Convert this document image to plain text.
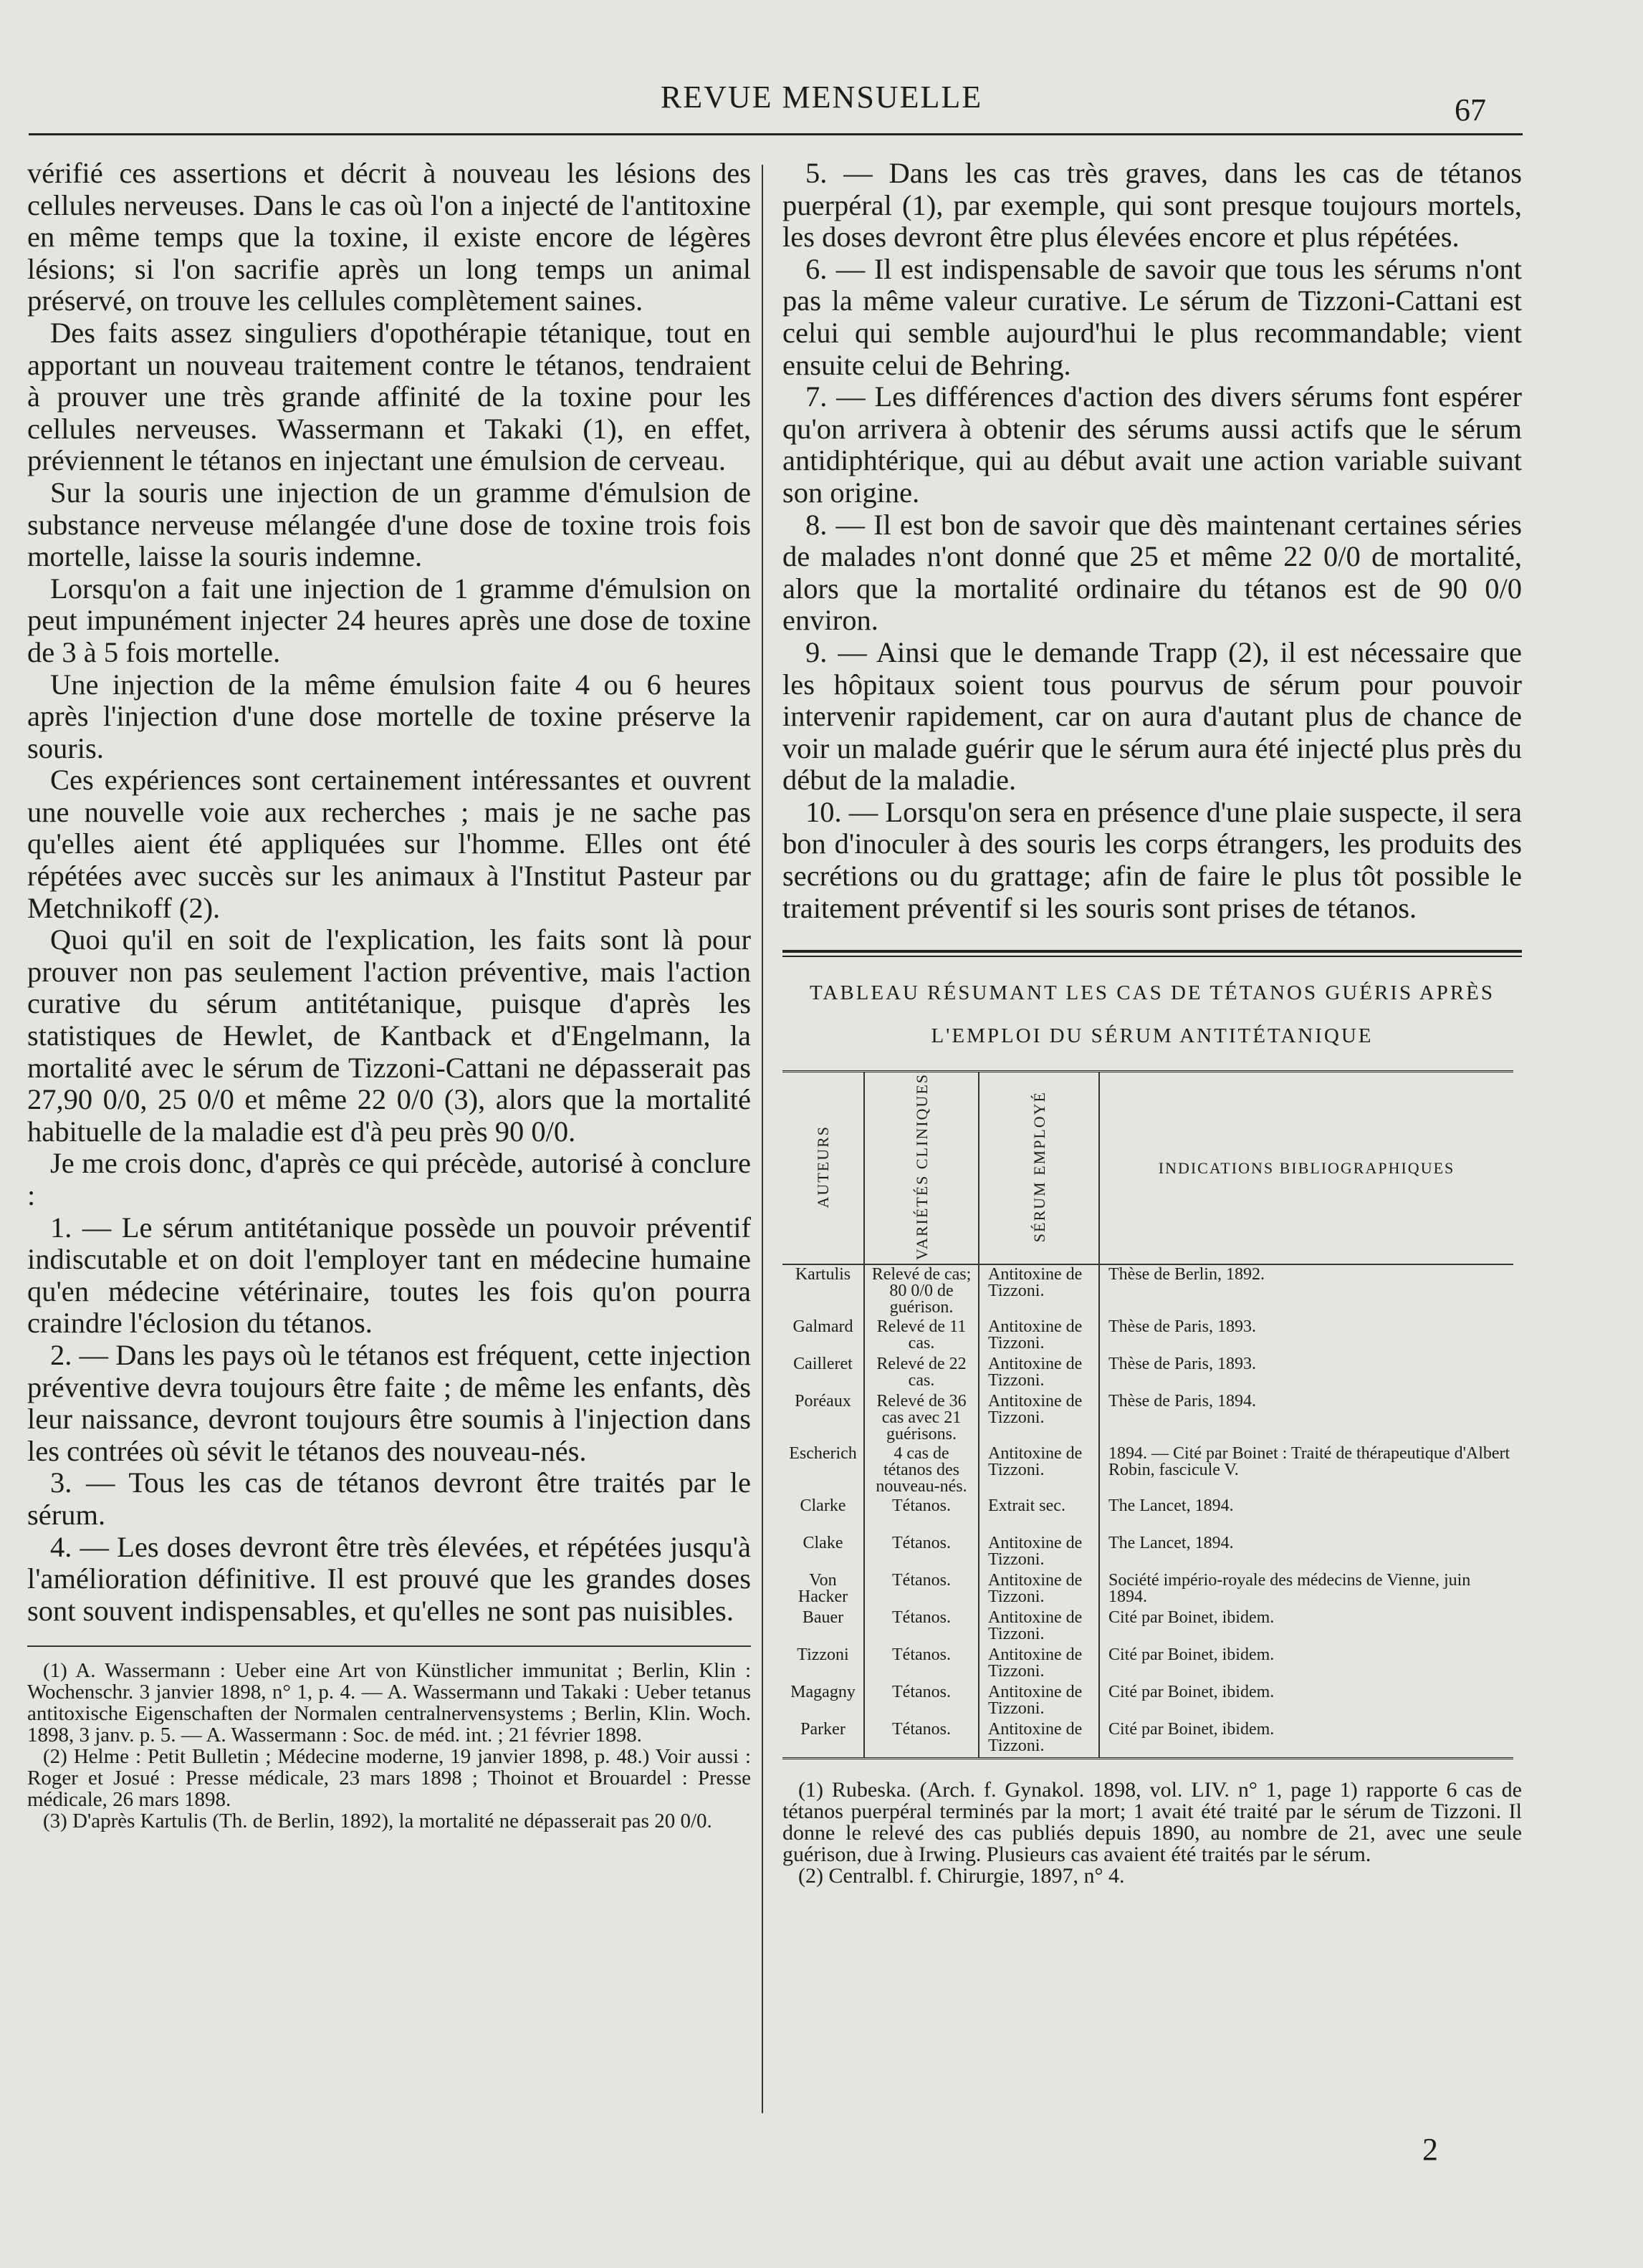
REVUE MENSUELLE	67

vérifié ces assertions et décrit à nouveau les lésions des cellules nerveuses. Dans le cas où l'on a injecté de l'antitoxine en même temps que la toxine, il existe encore de légères lésions; si l'on sacrifie après un long temps un animal préservé, on trouve les cellules complètement saines.

Des faits assez singuliers d'opothérapie tétanique, tout en apportant un nouveau traitement contre le tétanos, tendraient à prouver une très grande affinité de la toxine pour les cellules nerveuses. Wassermann et Takaki (1), en effet, préviennent le tétanos en injectant une émulsion de cerveau.

Sur la souris une injection de un gramme d'émulsion de substance nerveuse mélangée d'une dose de toxine trois fois mortelle, laisse la souris indemne.

Lorsqu'on a fait une injection de 1 gramme d'émulsion on peut impunément injecter 24 heures après une dose de toxine de 3 à 5 fois mortelle.

Une injection de la même émulsion faite 4 ou 6 heures après l'injection d'une dose mortelle de toxine préserve la souris.

Ces expériences sont certainement intéressantes et ouvrent une nouvelle voie aux recherches ; mais je ne sache pas qu'elles aient été appliquées sur l'homme. Elles ont été répétées avec succès sur les animaux à l'Institut Pasteur par Metchnikoff (2).

Quoi qu'il en soit de l'explication, les faits sont là pour prouver non pas seulement l'action préventive, mais l'action curative du sérum antitétanique, puisque d'après les statistiques de Hewlet, de Kantback et d'Engelmann, la mortalité avec le sérum de Tizzoni-Cattani ne dépasserait pas 27,90 0/0, 25 0/0 et même 22 0/0 (3), alors que la mortalité habituelle de la maladie est d'à peu près 90 0/0.

Je me crois donc, d'après ce qui précède, autorisé à conclure :

1. — Le sérum antitétanique possède un pouvoir préventif indiscutable et on doit l'employer tant en médecine humaine qu'en médecine vétérinaire, toutes les fois qu'on pourra craindre l'éclosion du tétanos.

2. — Dans les pays où le tétanos est fréquent, cette injection préventive devra toujours être faite ; de même les enfants, dès leur naissance, devront toujours être soumis à l'injection dans les contrées où sévit le tétanos des nouveau-nés.

3. — Tous les cas de tétanos devront être traités par le sérum.

4. — Les doses devront être très élevées, et répétées jusqu'à l'amélioration définitive. Il est prouvé que les grandes doses sont souvent indispensables, et qu'elles ne sont pas nuisibles.

(1) A. Wassermann : Ueber eine Art von Künstlicher immunitat ; Berlin, Klin : Wochenschr. 3 janvier 1898, n° 1, p. 4. — A. Wassermann und Takaki : Ueber tetanus antitoxische Eigenschaften der Normalen centralnervensystems ; Berlin, Klin. Woch. 1898, 3 janv. p. 5. — A. Wassermann : Soc. de méd. int. ; 21 février 1898.

(2) Helme : Petit Bulletin ; Médecine moderne, 19 janvier 1898, p. 48.) Voir aussi : Roger et Josué : Presse médicale, 23 mars 1898 ; Thoinot et Brouardel : Presse médicale, 26 mars 1898.

(3) D'après Kartulis (Th. de Berlin, 1892), la mortalité ne dépasserait pas 20 0/0.

5. — Dans les cas très graves, dans les cas de tétanos puerpéral (1), par exemple, qui sont presque toujours mortels, les doses devront être plus élevées encore et plus répétées.

6. — Il est indispensable de savoir que tous les sérums n'ont pas la même valeur curative. Le sérum de Tizzoni-Cattani est celui qui semble aujourd'hui le plus recommandable; vient ensuite celui de Behring.

7. — Les différences d'action des divers sérums font espérer qu'on arrivera à obtenir des sérums aussi actifs que le sérum antidiphtérique, qui au début avait une action variable suivant son origine.

8. — Il est bon de savoir que dès maintenant certaines séries de malades n'ont donné que 25 et même 22 0/0 de mortalité, alors que la mortalité ordinaire du tétanos est de 90 0/0 environ.

9. — Ainsi que le demande Trapp (2), il est nécessaire que les hôpitaux soient tous pourvus de sérum pour pouvoir intervenir rapidement, car on aura d'autant plus de chance de voir un malade guérir que le sérum aura été injecté plus près du début de la maladie.

10. — Lorsqu'on sera en présence d'une plaie suspecte, il sera bon d'inoculer à des souris les corps étrangers, les produits des secrétions ou du grattage; afin de faire le plus tôt possible le traitement préventif si les souris sont prises de tétanos.

TABLEAU RÉSUMANT LES CAS DE TÉTANOS GUÉRIS APRÈS
L'EMPLOI DU SÉRUM ANTITÉTANIQUE
AUTEURS	VARIÉTÉS CLINIQUES	SÉRUM EMPLOYÉ	INDICATIONS BIBLIOGRAPHIQUES
Kartulis	Relevé de cas; 80 0/0 de guérison.	Antitoxine de Tizzoni.	Thèse de Berlin, 1892.
Galmard	Relevé de 11 cas.	Antitoxine de Tizzoni.	Thèse de Paris, 1893.
Cailleret	Relevé de 22 cas.	Antitoxine de Tizzoni.	Thèse de Paris, 1893.
Poréaux	Relevé de 36 cas avec 21 guérisons.	Antitoxine de Tizzoni.	Thèse de Paris, 1894.
Escherich	4 cas de tétanos des nouveau-nés.	Antitoxine de Tizzoni.	1894. — Cité par Boinet : Traité de thérapeutique d'Albert Robin, fascicule V.
Clarke	Tétanos.	Extrait sec.	The Lancet, 1894.
Clake	Tétanos.	Antitoxine de Tizzoni.	The Lancet, 1894.
Von Hacker	Tétanos.	Antitoxine de Tizzoni.	Société império-royale des médecins de Vienne, juin 1894.
Bauer	Tétanos.	Antitoxine de Tizzoni.	Cité par Boinet, ibidem.
Tizzoni	Tétanos.	Antitoxine de Tizzoni.	Cité par Boinet, ibidem.
Magagny	Tétanos.	Antitoxine de Tizzoni.	Cité par Boinet, ibidem.
Parker	Tétanos.	Antitoxine de Tizzoni.	Cité par Boinet, ibidem.

(1) Rubeska. (Arch. f. Gynakol. 1898, vol. LIV. n° 1, page 1) rapporte 6 cas de tétanos puerpéral terminés par la mort; 1 avait été traité par le sérum de Tizzoni. Il donne le relevé des cas publiés depuis 1890, au nombre de 21, avec une seule guérison, due à Irwing. Plusieurs cas avaient été traités par le sérum.

(2) Centralbl. f. Chirurgie, 1897, n° 4.

2
